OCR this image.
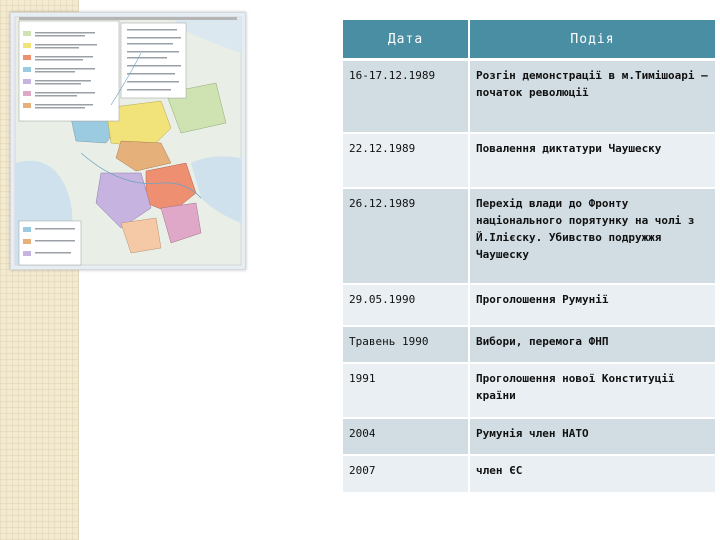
Дата	Подія
16-17.12.1989	Розгін демонстрації в м.Тимішоарі – початок революції
22.12.1989	Повалення диктатури Чаушеску
26.12.1989	Перехід влади до Фронту національного порятунку на чолі з Й.Ілієску. Убивство подружжя Чаушеску
29.05.1990	Проголошення Румунії
Травень 1990	Вибори, перемога ФНП
1991	Проголошення нової Конституції країни
2004	Румунія член НАТО
2007	член ЄС
